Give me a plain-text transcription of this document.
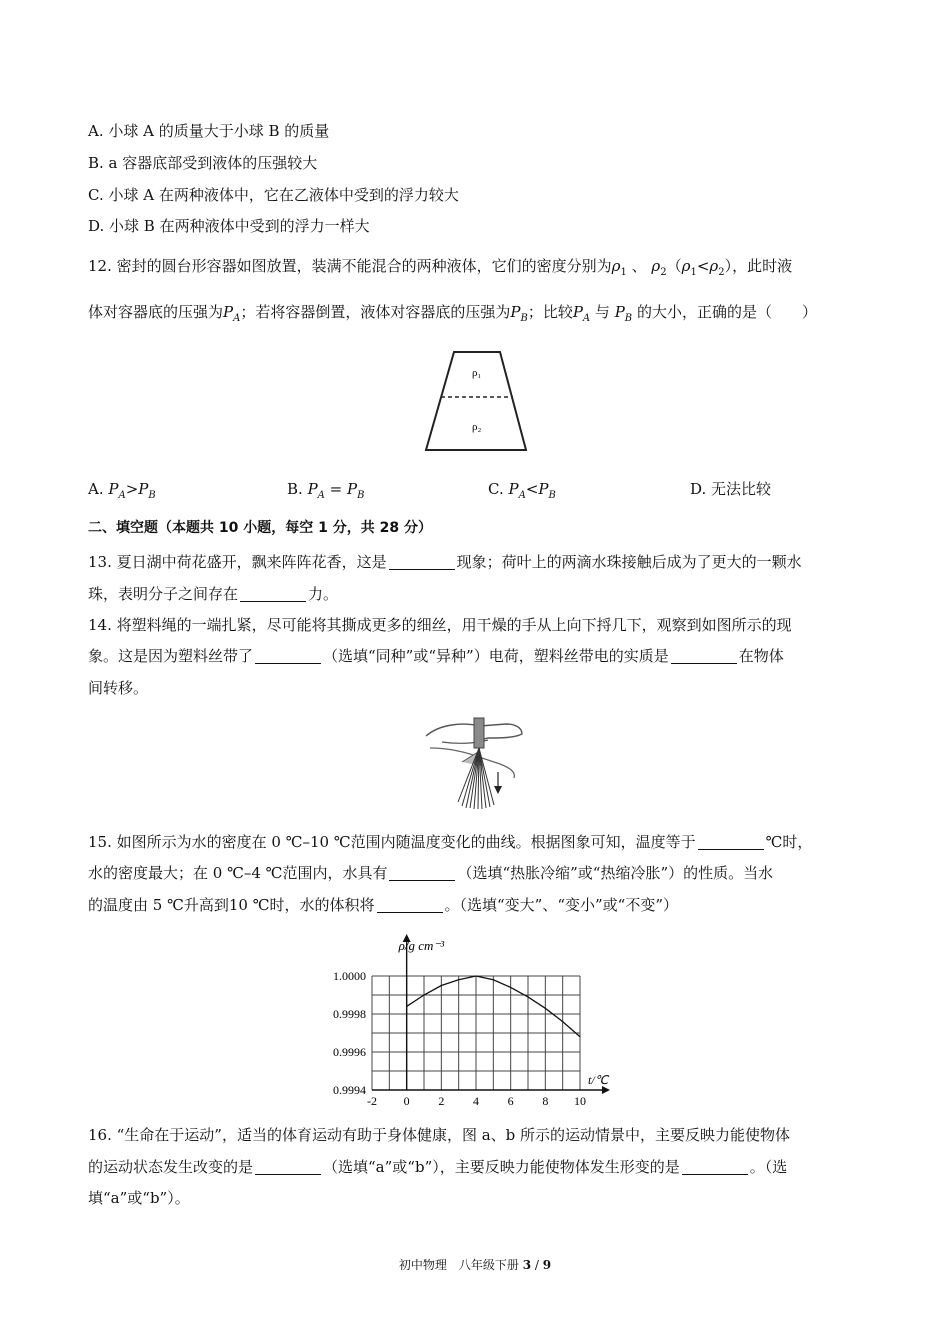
A. 小球 A 的质量大于小球 B 的质量
B. a 容器底部受到液体的压强较大
C. 小球 A 在两种液体中，它在乙液体中受到的浮力较大
D. 小球 B 在两种液体中受到的浮力一样大
12. 密封的圆台形容器如图放置，装满不能混合的两种液体，它们的密度分别为$\rho_1$ 、 $\rho_2(\rho_1<\rho_2)$，此时液
体对容器底的压强为$P_A$；若将容器倒置，液体对容器底的压强为$P_B$；比较$P_A$ 与 $P_B$ 的大小，正确的是（　　）
ρ₁
ρ₂
A. $P_A>P_B$	B. $P_A = P_B$	C. $P_A<P_B$	D. 无法比较
二、填空题（本题共 10 小题，每空 1 分，共 28 分）
13. 夏日湖中荷花盛开，飘来阵阵花香，这是	现象；荷叶上的两滴水珠接触后成为了更大的一颗水
珠，表明分子之间存在	力。
14. 将塑料绳的一端扎紧，尽可能将其撕成更多的细丝，用干燥的手从上向下捋几下，观察到如图所示的现
象。这是因为塑料丝带了	（选填“同种”或“异种”）电荷，塑料丝带电的实质是	在物体
间转移。
15. 如图所示为水的密度在 0 ℃–10 ℃范围内随温度变化的曲线。根据图象可知，温度等于	℃时，
水的密度最大；在 0 ℃–4 ℃范围内，水具有	（选填“热胀冷缩”或“热缩冷胀”）的性质。当水
的温度由 5 ℃升高到10 ℃时，水的体积将	。（选填“变大”、“变小”或“不变”）
ρ/g cm⁻³
t/℃
-2 0 2 4 6 8 10
1.0000
0.9998
0.9996
0.9994
16. “生命在于运动”，适当的体育运动有助于身体健康，图 a、b 所示的运动情景中，主要反映力能使物体
的运动状态发生改变的是	（选填“a”或“b”），主要反映力能使物体发生形变的是	。（选
填“a”或“b”）。
初中物理　八年级下册 3 / 9
